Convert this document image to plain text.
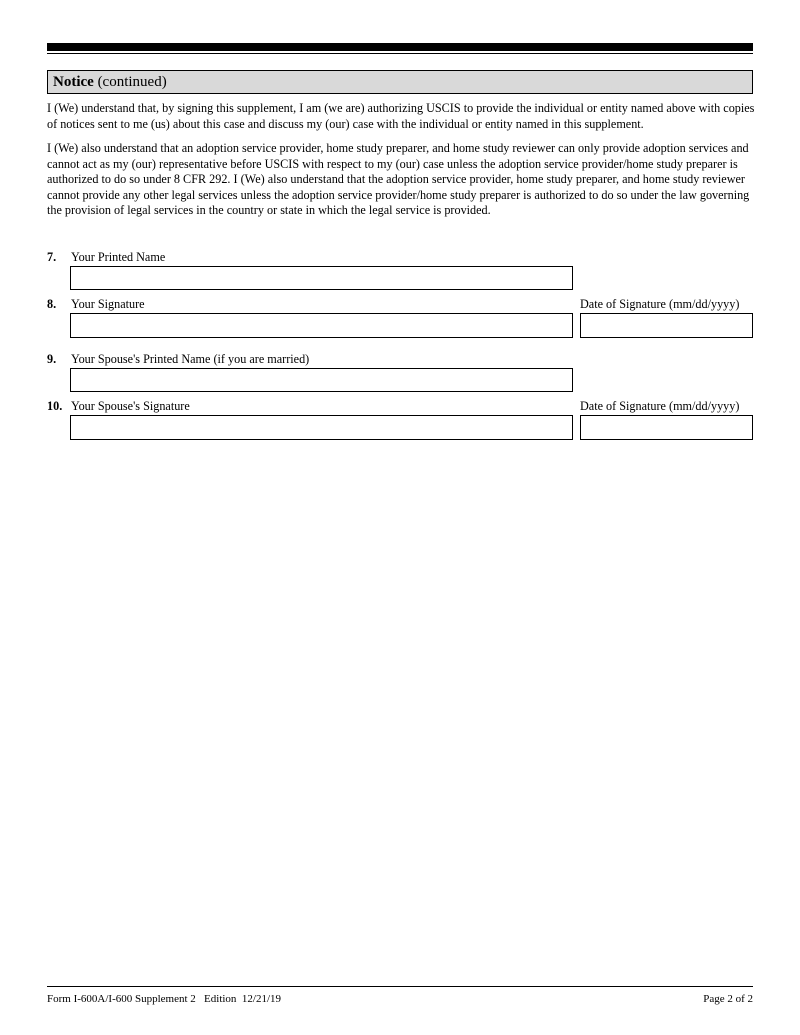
Notice (continued)
I (We) understand that, by signing this supplement, I am (we are) authorizing USCIS to provide the individual or entity named above with copies of notices sent to me (us) about this case and discuss my (our) case with the individual or entity named in this supplement.
I (We) also understand that an adoption service provider, home study preparer, and home study reviewer can only provide adoption services and cannot act as my (our) representative before USCIS with respect to my (our) case unless the adoption service provider/home study preparer is authorized to do so under 8 CFR 292. I (We) also understand that the adoption service provider, home study preparer, and home study reviewer cannot provide any other legal services unless the adoption service provider/home study preparer is authorized to do so under the law governing the provision of legal services in the country or state in which the legal service is provided.
7. Your Printed Name
8. Your Signature	Date of Signature (mm/dd/yyyy)
9. Your Spouse's Printed Name (if you are married)
10. Your Spouse's Signature	Date of Signature (mm/dd/yyyy)
Form I-600A/I-600 Supplement 2   Edition  12/21/19	Page 2 of 2
